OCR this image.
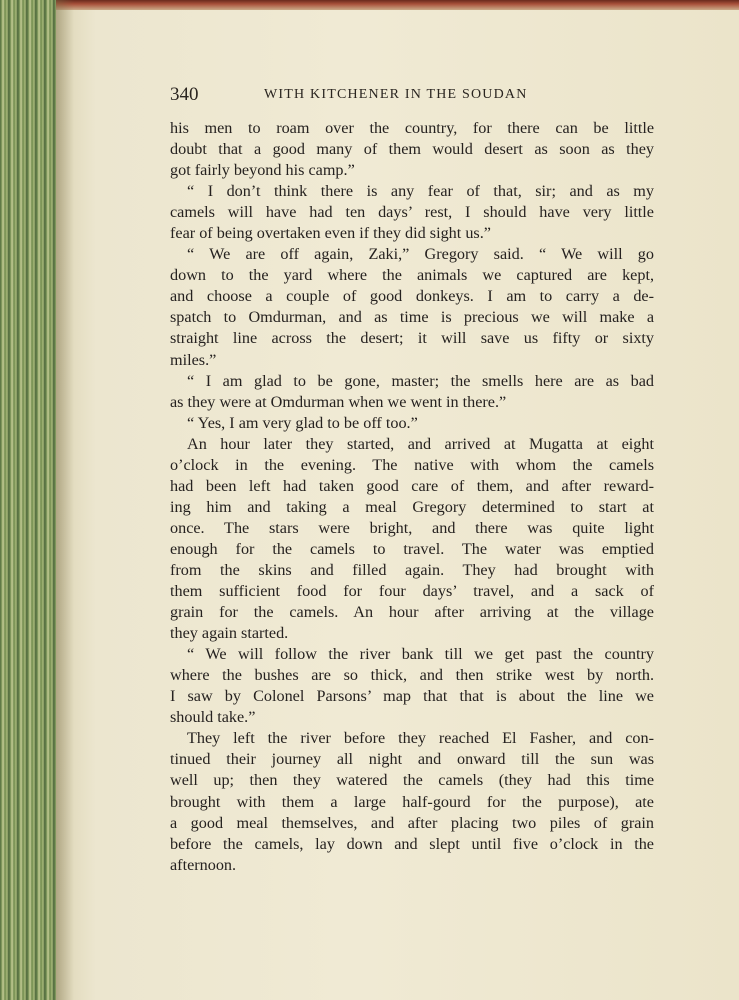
340	WITH KITCHENER IN THE SOUDAN
his men to roam over the country, for there can be little
doubt that a good many of them would desert as soon as they
got fairly beyond his camp.”
“ I don’t think there is any fear of that, sir; and as my
camels will have had ten days’ rest, I should have very little
fear of being overtaken even if they did sight us.”
“ We are off again, Zaki,” Gregory said. “ We will go
down to the yard where the animals we captured are kept,
and choose a couple of good donkeys. I am to carry a de-
spatch to Omdurman, and as time is precious we will make a
straight line across the desert; it will save us fifty or sixty
miles.”
“ I am glad to be gone, master; the smells here are as bad
as they were at Omdurman when we went in there.”
“ Yes, I am very glad to be off too.”
An hour later they started, and arrived at Mugatta at eight
o’clock in the evening. The native with whom the camels
had been left had taken good care of them, and after reward-
ing him and taking a meal Gregory determined to start at
once. The stars were bright, and there was quite light
enough for the camels to travel. The water was emptied
from the skins and filled again. They had brought with
them sufficient food for four days’ travel, and a sack of
grain for the camels. An hour after arriving at the village
they again started.
“ We will follow the river bank till we get past the country
where the bushes are so thick, and then strike west by north.
I saw by Colonel Parsons’ map that that is about the line we
should take.”
They left the river before they reached El Fasher, and con-
tinued their journey all night and onward till the sun was
well up; then they watered the camels (they had this time
brought with them a large half-gourd for the purpose), ate
a good meal themselves, and after placing two piles of grain
before the camels, lay down and slept until five o’clock in the
afternoon.
